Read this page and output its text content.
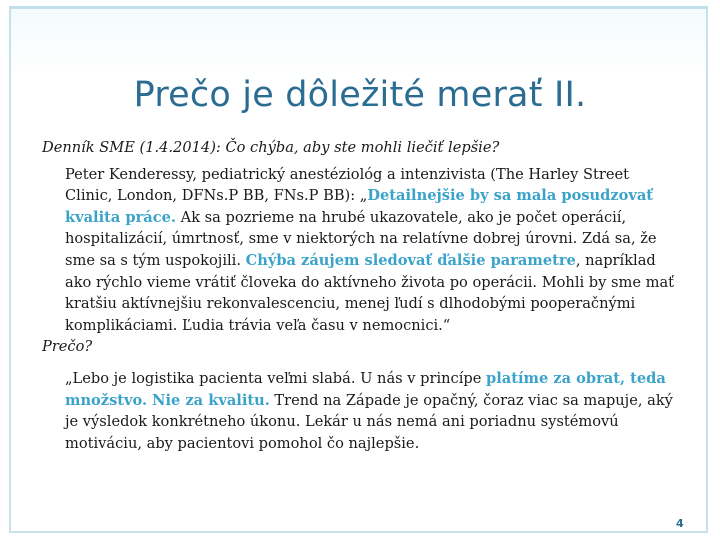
Prečo je dôležité merať II.
Denník SME (1.4.2014): Čo chýba, aby ste mohli liečiť lepšie?
Peter Kenderessy, pediatrický anestéziológ a intenzivista (The Harley Street Clinic, London, DFNs.P BB, FNs.P BB): „Detailnejšie by sa mala posudzovať kvalita práce. Ak sa pozrieme na hrubé ukazovatele, ako je počet operácií, hospitalizácií, úmrtnosť, sme v niektorých na relatívne dobrej úrovni. Zdá sa, že sme sa s tým uspokojili. Chýba záujem sledovať ďalšie parametre, napríklad ako rýchlo vieme vrátiť človeka do aktívneho života po operácii. Mohli by sme mať kratšiu aktívnejšiu rekonvalescenciu, menej ľudí s dlhodobými pooperačnými komplikáciami. Ľudia trávia veľa času v nemocnici.“
Prečo?
„Lebo je logistika pacienta veľmi slabá. U nás v princípe platíme za obrat, teda množstvo. Nie za kvalitu. Trend na Západe je opačný, čoraz viac sa mapuje, aký je výsledok konkrétneho úkonu. Lekár u nás nemá ani poriadnu systémovú motiváciu, aby pacientovi pomohol čo najlepšie.
4
